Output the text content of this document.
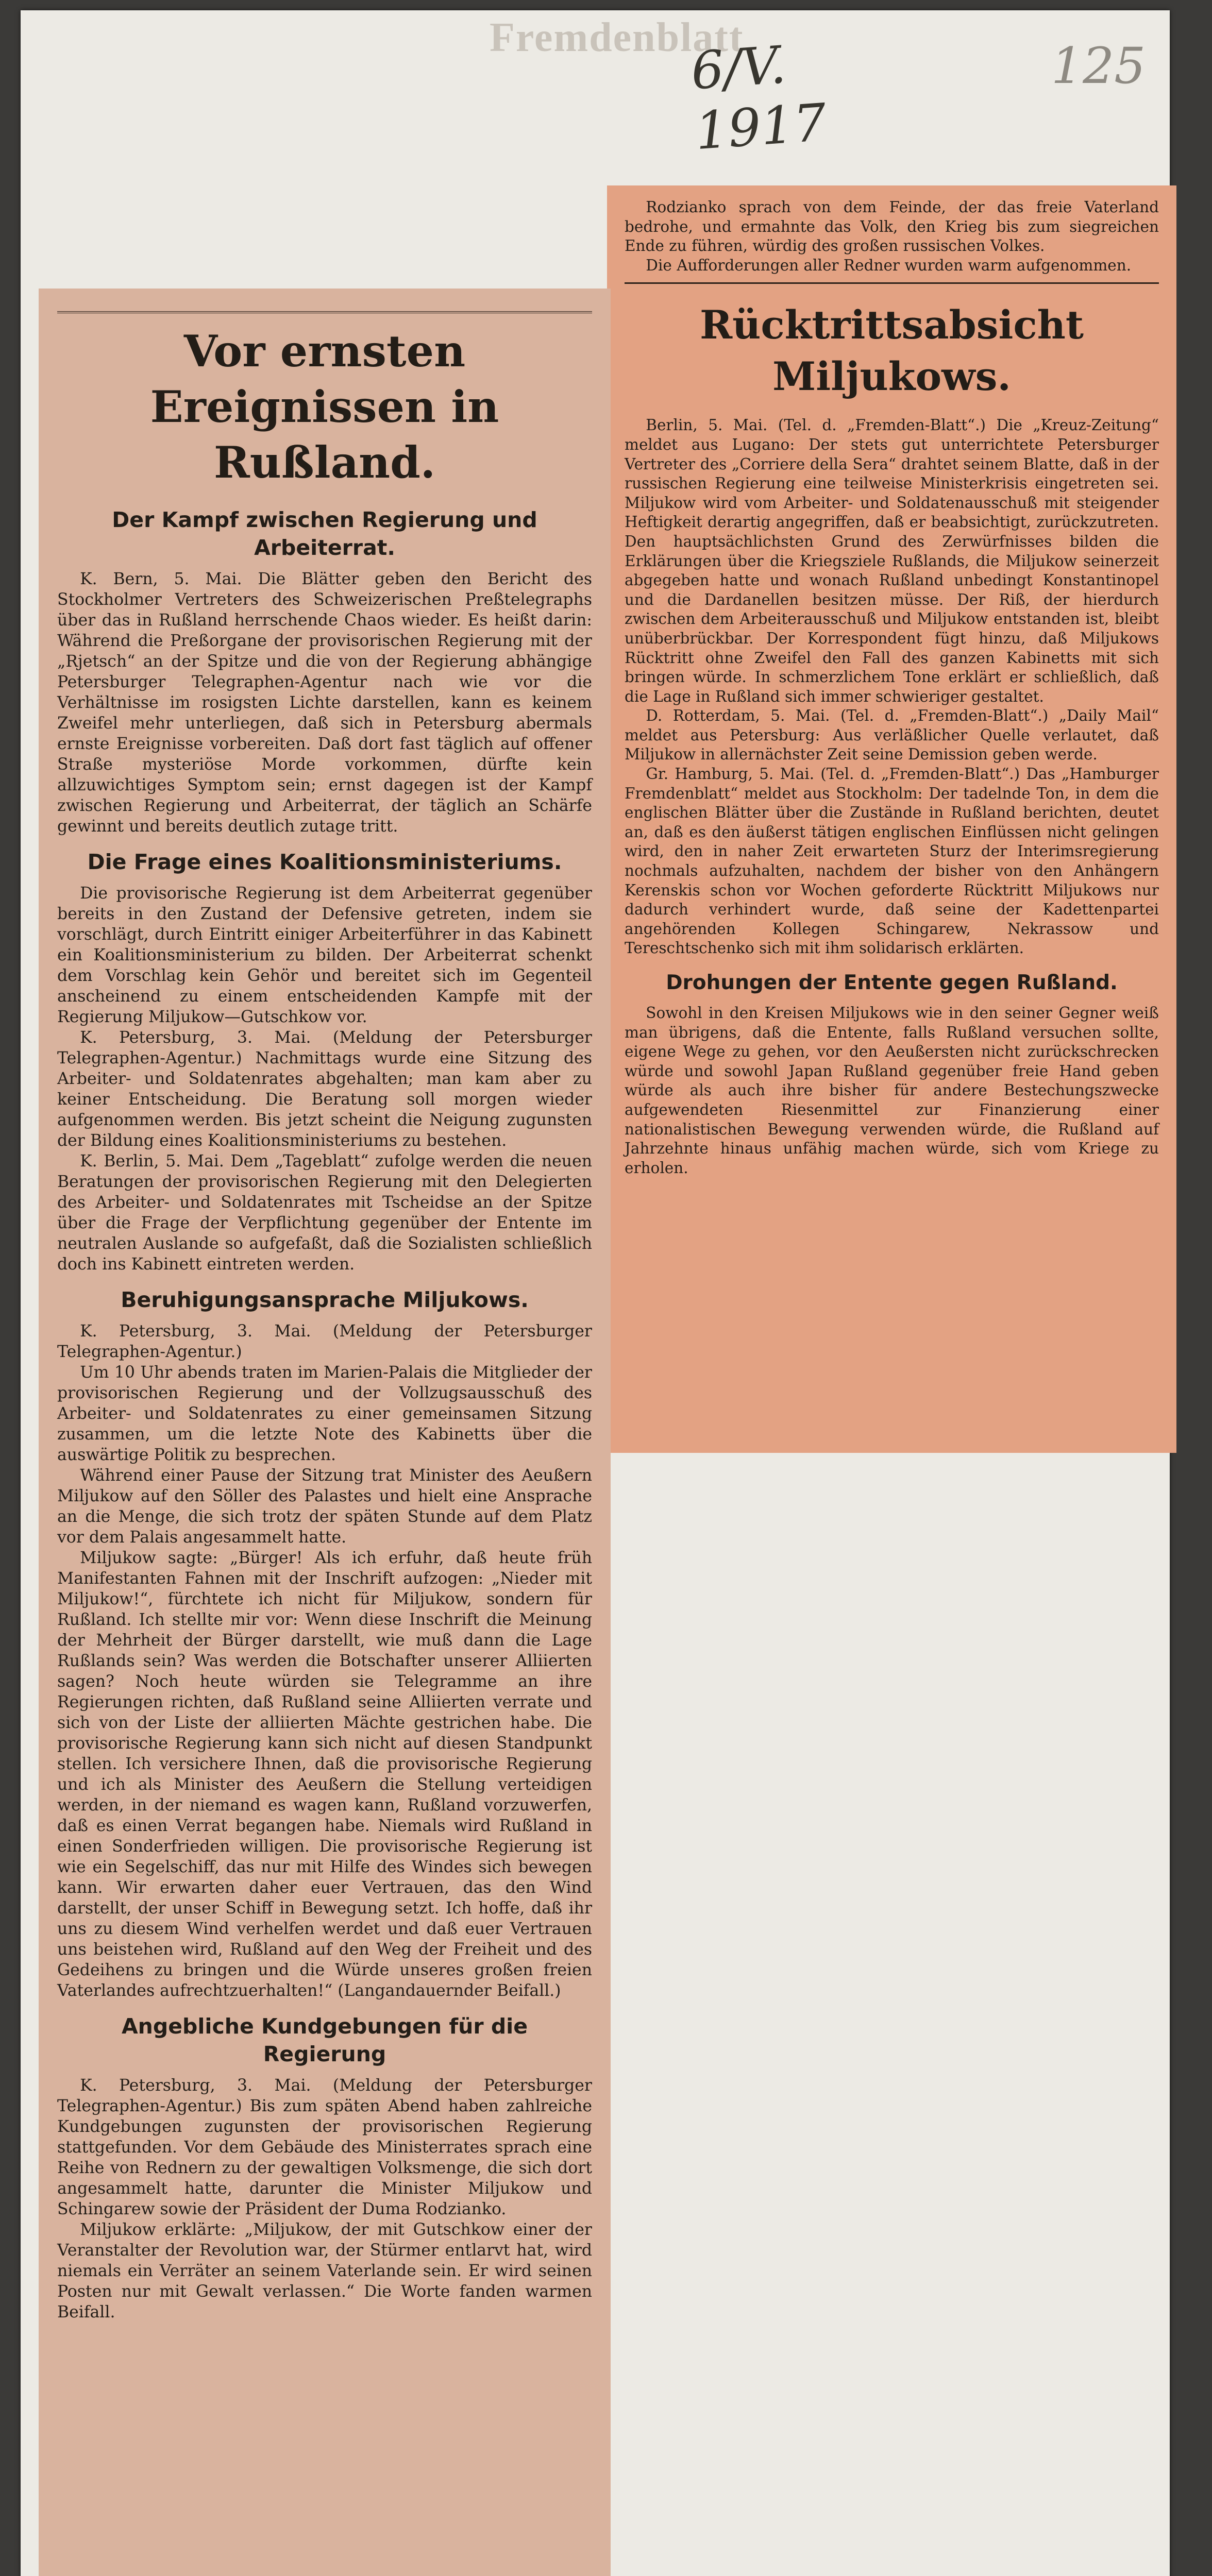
Fremdenblatt
6/V. 1917
125

Rodzianko sprach von dem Feinde, der das freie Vaterland bedrohe, und ermahnte das Volk, den Krieg bis zum siegreichen Ende zu führen, würdig des großen russischen Volkes.

Die Aufforderungen aller Redner wurden warm aufgenommen.

Rücktrittsabsicht Miljukows.

Berlin, 5. Mai. (Tel. d. „Fremden-Blatt“.) Die „Kreuz-Zeitung“ meldet aus Lugano: Der stets gut unterrichtete Petersburger Vertreter des „Corriere della Sera“ drahtet seinem Blatte, daß in der russischen Regierung eine teilweise Ministerkrisis eingetreten sei. Miljukow wird vom Arbeiter- und Soldatenausschuß mit steigender Heftigkeit derartig angegriffen, daß er beabsichtigt, zurückzutreten. Den hauptsächlichsten Grund des Zerwürfnisses bilden die Erklärungen über die Kriegsziele Rußlands, die Miljukow seinerzeit abgegeben hatte und wonach Rußland unbedingt Konstantinopel und die Dardanellen besitzen müsse. Der Riß, der hierdurch zwischen dem Arbeiterausschuß und Miljukow entstanden ist, bleibt unüberbrückbar. Der Korrespondent fügt hinzu, daß Miljukows Rücktritt ohne Zweifel den Fall des ganzen Kabinetts mit sich bringen würde. In schmerzlichem Tone erklärt er schließlich, daß die Lage in Rußland sich immer schwieriger gestaltet.

D. Rotterdam, 5. Mai. (Tel. d. „Fremden-Blatt“.) „Daily Mail“ meldet aus Petersburg: Aus verläßlicher Quelle verlautet, daß Miljukow in allernächster Zeit seine Demission geben werde.

Gr. Hamburg, 5. Mai. (Tel. d. „Fremden-Blatt“.) Das „Hamburger Fremdenblatt“ meldet aus Stockholm: Der tadelnde Ton, in dem die englischen Blätter über die Zustände in Rußland berichten, deutet an, daß es den äußerst tätigen englischen Einflüssen nicht gelingen wird, den in naher Zeit erwarteten Sturz der Interimsregierung nochmals aufzuhalten, nachdem der bisher von den Anhängern Kerenskis schon vor Wochen geforderte Rücktritt Miljukows nur dadurch verhindert wurde, daß seine der Kadettenpartei angehörenden Kollegen Schingarew, Nekrassow und Tereschtschenko sich mit ihm solidarisch erklärten.

Drohungen der Entente gegen Rußland.

Sowohl in den Kreisen Miljukows wie in den seiner Gegner weiß man übrigens, daß die Entente, falls Rußland versuchen sollte, eigene Wege zu gehen, vor den Aeußersten nicht zurückschrecken würde und sowohl Japan Rußland gegenüber freie Hand geben würde als auch ihre bisher für andere Bestechungszwecke aufgewendeten Riesenmittel zur Finanzierung einer nationalistischen Bewegung verwenden würde, die Rußland auf Jahrzehnte hinaus unfähig machen würde, sich vom Kriege zu erholen.

Vor ernsten Ereignissen in Rußland.
Der Kampf zwischen Regierung und Arbeiterrat.

K. Bern, 5. Mai. Die Blätter geben den Bericht des Stockholmer Vertreters des Schweizerischen Preßtelegraphs über das in Rußland herrschende Chaos wieder. Es heißt darin: Während die Preßorgane der provisorischen Regierung mit der „Rjetsch“ an der Spitze und die von der Regierung abhängige Petersburger Telegraphen-Agentur nach wie vor die Verhältnisse im rosigsten Lichte darstellen, kann es keinem Zweifel mehr unterliegen, daß sich in Petersburg abermals ernste Ereignisse vorbereiten. Daß dort fast täglich auf offener Straße mysteriöse Morde vorkommen, dürfte kein allzuwichtiges Symptom sein; ernst dagegen ist der Kampf zwischen Regierung und Arbeiterrat, der täglich an Schärfe gewinnt und bereits deutlich zutage tritt.

Die Frage eines Koalitionsministeriums.

Die provisorische Regierung ist dem Arbeiterrat gegenüber bereits in den Zustand der Defensive getreten, indem sie vorschlägt, durch Eintritt einiger Arbeiterführer in das Kabinett ein Koalitionsministerium zu bilden. Der Arbeiterrat schenkt dem Vorschlag kein Gehör und bereitet sich im Gegenteil anscheinend zu einem entscheidenden Kampfe mit der Regierung Miljukow—Gutschkow vor.

K. Petersburg, 3. Mai. (Meldung der Petersburger Telegraphen-Agentur.) Nachmittags wurde eine Sitzung des Arbeiter- und Soldatenrates abgehalten; man kam aber zu keiner Entscheidung. Die Beratung soll morgen wieder aufgenommen werden. Bis jetzt scheint die Neigung zugunsten der Bildung eines Koalitionsministeriums zu bestehen.

K. Berlin, 5. Mai. Dem „Tageblatt“ zufolge werden die neuen Beratungen der provisorischen Regierung mit den Delegierten des Arbeiter- und Soldatenrates mit Tscheidse an der Spitze über die Frage der Verpflichtung gegenüber der Entente im neutralen Auslande so aufgefaßt, daß die Sozialisten schließlich doch ins Kabinett eintreten werden.

Beruhigungsansprache Miljukows.

K. Petersburg, 3. Mai. (Meldung der Petersburger Telegraphen-Agentur.)

Um 10 Uhr abends traten im Marien-Palais die Mitglieder der provisorischen Regierung und der Vollzugsausschuß des Arbeiter- und Soldatenrates zu einer gemeinsamen Sitzung zusammen, um die letzte Note des Kabinetts über die auswärtige Politik zu besprechen.

Während einer Pause der Sitzung trat Minister des Aeußern Miljukow auf den Söller des Palastes und hielt eine Ansprache an die Menge, die sich trotz der späten Stunde auf dem Platz vor dem Palais angesammelt hatte.

Miljukow sagte: „Bürger! Als ich erfuhr, daß heute früh Manifestanten Fahnen mit der Inschrift aufzogen: „Nieder mit Miljukow!“, fürchtete ich nicht für Miljukow, sondern für Rußland. Ich stellte mir vor: Wenn diese Inschrift die Meinung der Mehrheit der Bürger darstellt, wie muß dann die Lage Rußlands sein? Was werden die Botschafter unserer Alliierten sagen? Noch heute würden sie Telegramme an ihre Regierungen richten, daß Rußland seine Alliierten verrate und sich von der Liste der alliierten Mächte gestrichen habe. Die provisorische Regierung kann sich nicht auf diesen Standpunkt stellen. Ich versichere Ihnen, daß die provisorische Regierung und ich als Minister des Aeußern die Stellung verteidigen werden, in der niemand es wagen kann, Rußland vorzuwerfen, daß es einen Verrat begangen habe. Niemals wird Rußland in einen Sonderfrieden willigen. Die provisorische Regierung ist wie ein Segelschiff, das nur mit Hilfe des Windes sich bewegen kann. Wir erwarten daher euer Vertrauen, das den Wind darstellt, der unser Schiff in Bewegung setzt. Ich hoffe, daß ihr uns zu diesem Wind verhelfen werdet und daß euer Vertrauen uns beistehen wird, Rußland auf den Weg der Freiheit und des Gedeihens zu bringen und die Würde unseres großen freien Vaterlandes aufrechtzuerhalten!“ (Langandauernder Beifall.)

Angebliche Kundgebungen für die Regierung

K. Petersburg, 3. Mai. (Meldung der Petersburger Telegraphen-Agentur.) Bis zum späten Abend haben zahlreiche Kundgebungen zugunsten der provisorischen Regierung stattgefunden. Vor dem Gebäude des Ministerrates sprach eine Reihe von Rednern zu der gewaltigen Volksmenge, die sich dort angesammelt hatte, darunter die Minister Miljukow und Schingarew sowie der Präsident der Duma Rodzianko.

Miljukow erklärte: „Miljukow, der mit Gutschkow einer der Veranstalter der Revolution war, der Stürmer entlarvt hat, wird niemals ein Verräter an seinem Vaterlande sein. Er wird seinen Posten nur mit Gewalt verlassen.“ Die Worte fanden warmen Beifall.
